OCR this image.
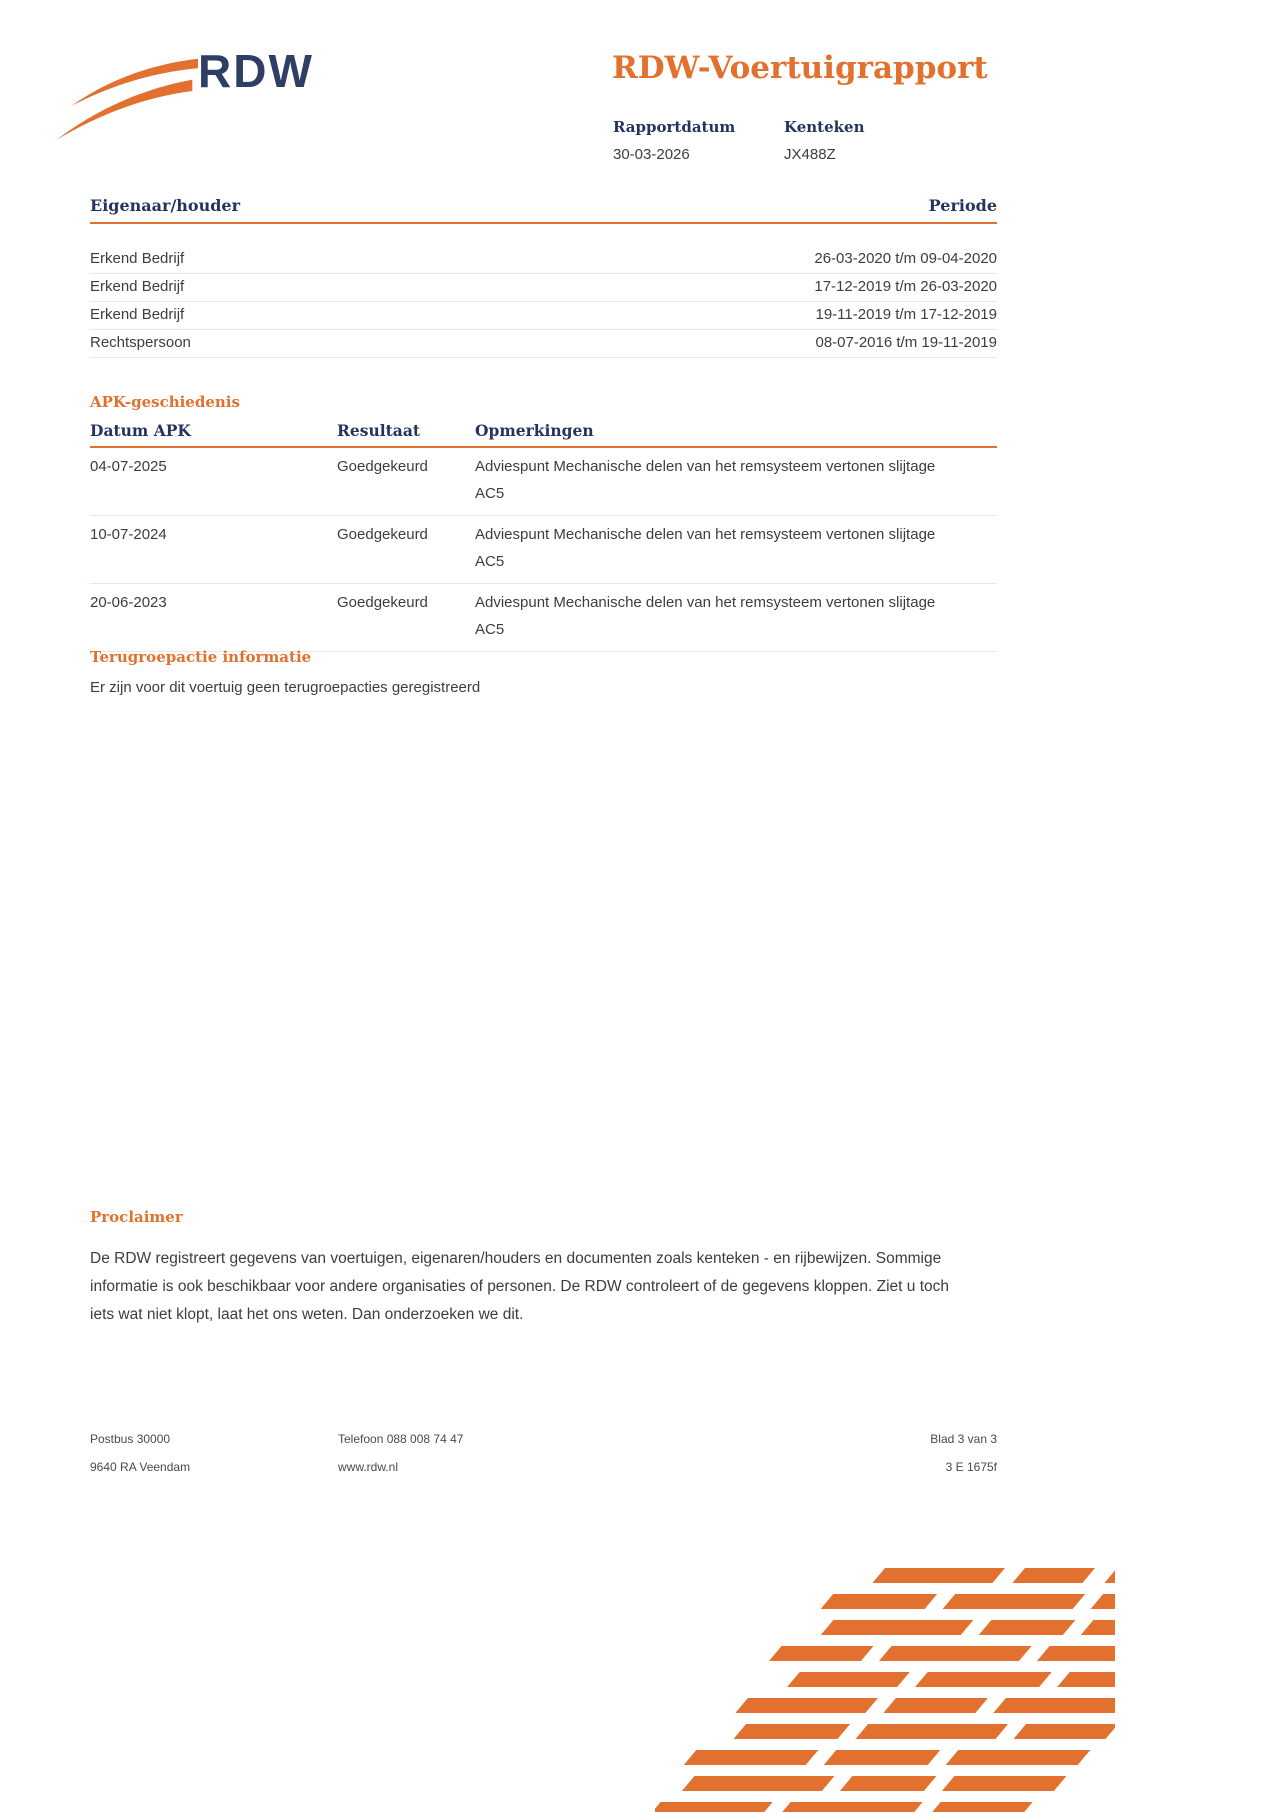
RDW	RDW-Voertuigrapport
Rapportdatum
30-03-2026
Kenteken
JX488Z
Eigenaar/houder	Periode
Erkend Bedrijf	26-03-2020 t/m 09-04-2020
Erkend Bedrijf	17-12-2019 t/m 26-03-2020
Erkend Bedrijf	19-11-2019 t/m 17-12-2019
Rechtspersoon	08-07-2016 t/m 19-11-2019
APK-geschiedenis
Datum APK	Resultaat	Opmerkingen
04-07-2025	Goedgekeurd	Adviespunt Mechanische delen van het remsysteem vertonen slijtage AC5
10-07-2024	Goedgekeurd	Adviespunt Mechanische delen van het remsysteem vertonen slijtage AC5
20-06-2023	Goedgekeurd	Adviespunt Mechanische delen van het remsysteem vertonen slijtage AC5
Terugroepactie informatie
Er zijn voor dit voertuig geen terugroepacties geregistreerd
Proclaimer

De RDW registreert gegevens van voertuigen, eigenaren/houders en documenten zoals kenteken - en rijbewijzen. Sommige informatie is ook beschikbaar voor andere organisaties of personen. De RDW controleert of de gegevens kloppen. Ziet u toch iets wat niet klopt, laat het ons weten. Dan onderzoeken we dit.

Postbus 30000
9640 RA Veendam
Telefoon 088 008 74 47
www.rdw.nl
Blad 3 van 3
3 E 1675f
